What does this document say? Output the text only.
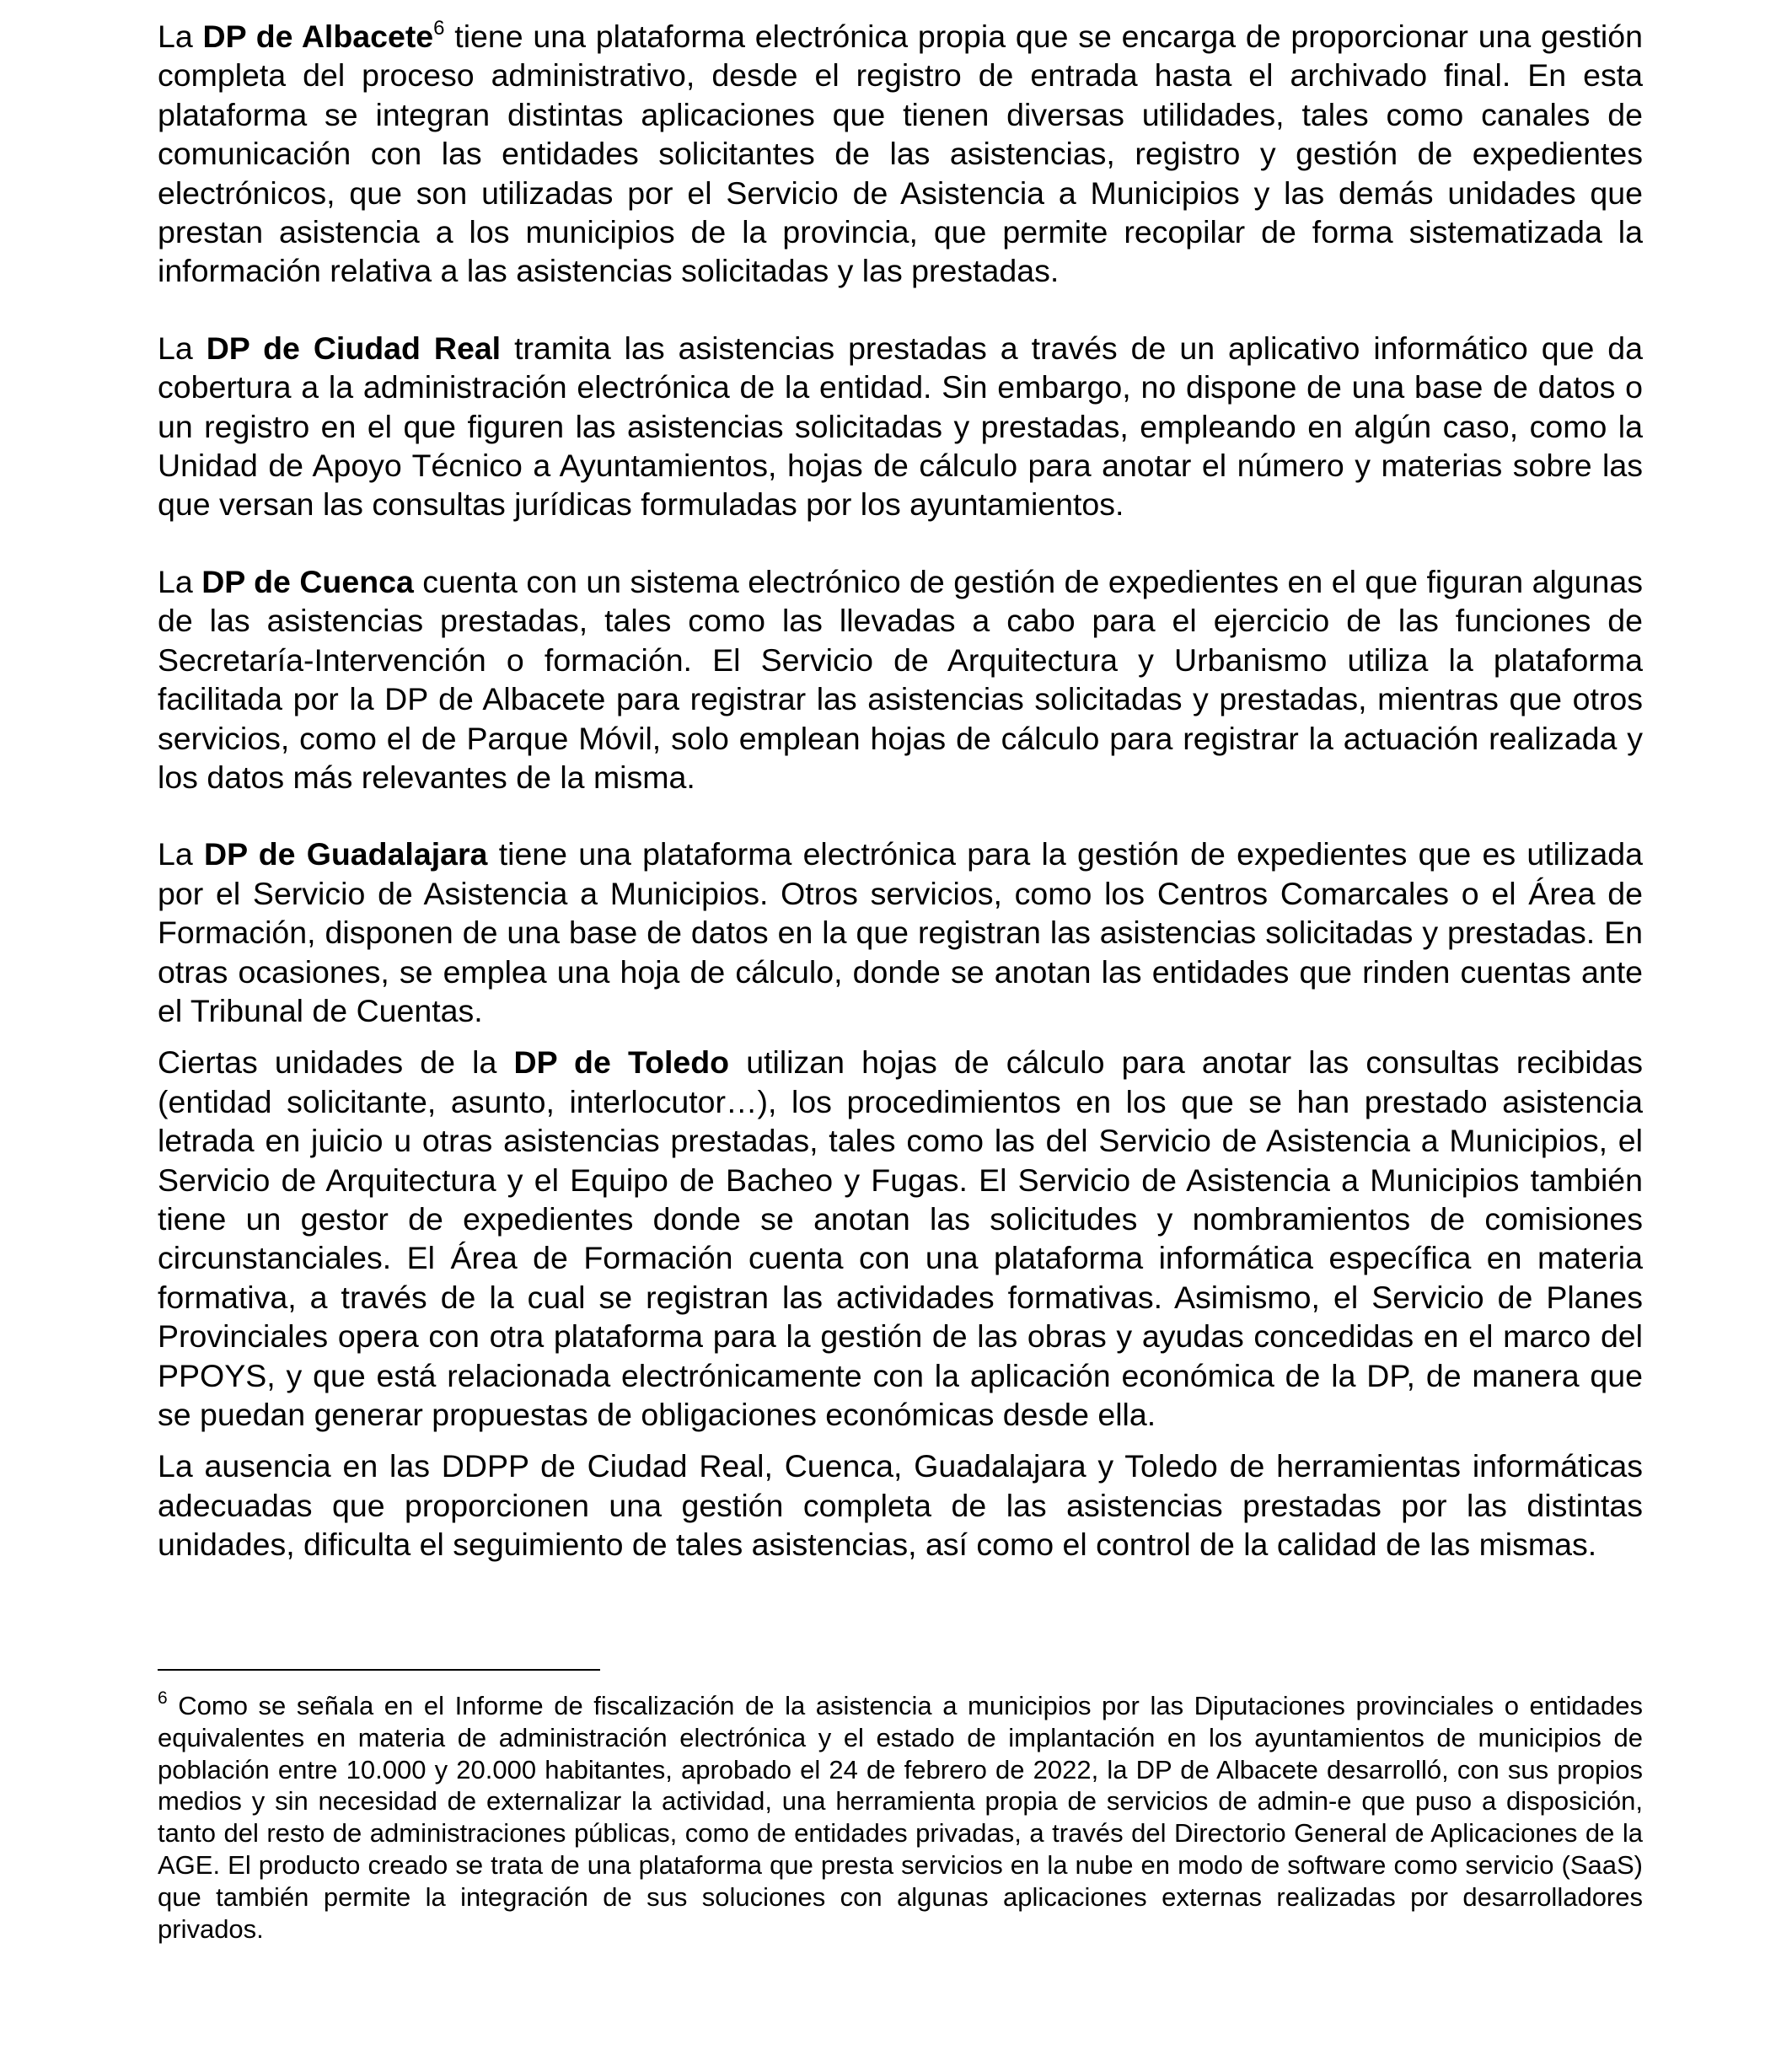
La DP de Albacete$^6$ tiene una plataforma electrónica propia que se encarga de proporcionar una gestión completa del proceso administrativo, desde el registro de entrada hasta el archivado final. En esta plataforma se integran distintas aplicaciones que tienen diversas utilidades, tales como canales de comunicación con las entidades solicitantes de las asistencias, registro y gestión de expedientes electrónicos, que son utilizadas por el Servicio de Asistencia a Municipios y las demás unidades que prestan asistencia a los municipios de la provincia, que permite recopilar de forma sistematizada la información relativa a las asistencias solicitadas y las prestadas.

La DP de Ciudad Real tramita las asistencias prestadas a través de un aplicativo informático que da cobertura a la administración electrónica de la entidad. Sin embargo, no dispone de una base de datos o un registro en el que figuren las asistencias solicitadas y prestadas, empleando en algún caso, como la Unidad de Apoyo Técnico a Ayuntamientos, hojas de cálculo para anotar el número y materias sobre las que versan las consultas jurídicas formuladas por los ayuntamientos.

La DP de Cuenca cuenta con un sistema electrónico de gestión de expedientes en el que figuran algunas de las asistencias prestadas, tales como las llevadas a cabo para el ejercicio de las funciones de Secretaría-Intervención o formación. El Servicio de Arquitectura y Urbanismo utiliza la plataforma facilitada por la DP de Albacete para registrar las asistencias solicitadas y prestadas, mientras que otros servicios, como el de Parque Móvil, solo emplean hojas de cálculo para registrar la actuación realizada y los datos más relevantes de la misma.

La DP de Guadalajara tiene una plataforma electrónica para la gestión de expedientes que es utilizada por el Servicio de Asistencia a Municipios. Otros servicios, como los Centros Comarcales o el Área de Formación, disponen de una base de datos en la que registran las asistencias solicitadas y prestadas. En otras ocasiones, se emplea una hoja de cálculo, donde se anotan las entidades que rinden cuentas ante el Tribunal de Cuentas.

Ciertas unidades de la DP de Toledo utilizan hojas de cálculo para anotar las consultas recibidas (entidad solicitante, asunto, interlocutor…), los procedimientos en los que se han prestado asistencia letrada en juicio u otras asistencias prestadas, tales como las del Servicio de Asistencia a Municipios, el Servicio de Arquitectura y el Equipo de Bacheo y Fugas. El Servicio de Asistencia a Municipios también tiene un gestor de expedientes donde se anotan las solicitudes y nombramientos de comisiones circunstanciales. El Área de Formación cuenta con una plataforma informática específica en materia formativa, a través de la cual se registran las actividades formativas. Asimismo, el Servicio de Planes Provinciales opera con otra plataforma para la gestión de las obras y ayudas concedidas en el marco del PPOYS, y que está relacionada electrónicamente con la aplicación económica de la DP, de manera que se puedan generar propuestas de obligaciones económicas desde ella.

La ausencia en las DDPP de Ciudad Real, Cuenca, Guadalajara y Toledo de herramientas informáticas adecuadas que proporcionen una gestión completa de las asistencias prestadas por las distintas unidades, dificulta el seguimiento de tales asistencias, así como el control de la calidad de las mismas.

$^6$ Como se señala en el Informe de fiscalización de la asistencia a municipios por las Diputaciones provinciales o entidades equivalentes en materia de administración electrónica y el estado de implantación en los ayuntamientos de municipios de población entre 10.000 y 20.000 habitantes, aprobado el 24 de febrero de 2022, la DP de Albacete desarrolló, con sus propios medios y sin necesidad de externalizar la actividad, una herramienta propia de servicios de admin-e que puso a disposición, tanto del resto de administraciones públicas, como de entidades privadas, a través del Directorio General de Aplicaciones de la AGE. El producto creado se trata de una plataforma que presta servicios en la nube en modo de software como servicio (SaaS) que también permite la integración de sus soluciones con algunas aplicaciones externas realizadas por desarrolladores privados.
